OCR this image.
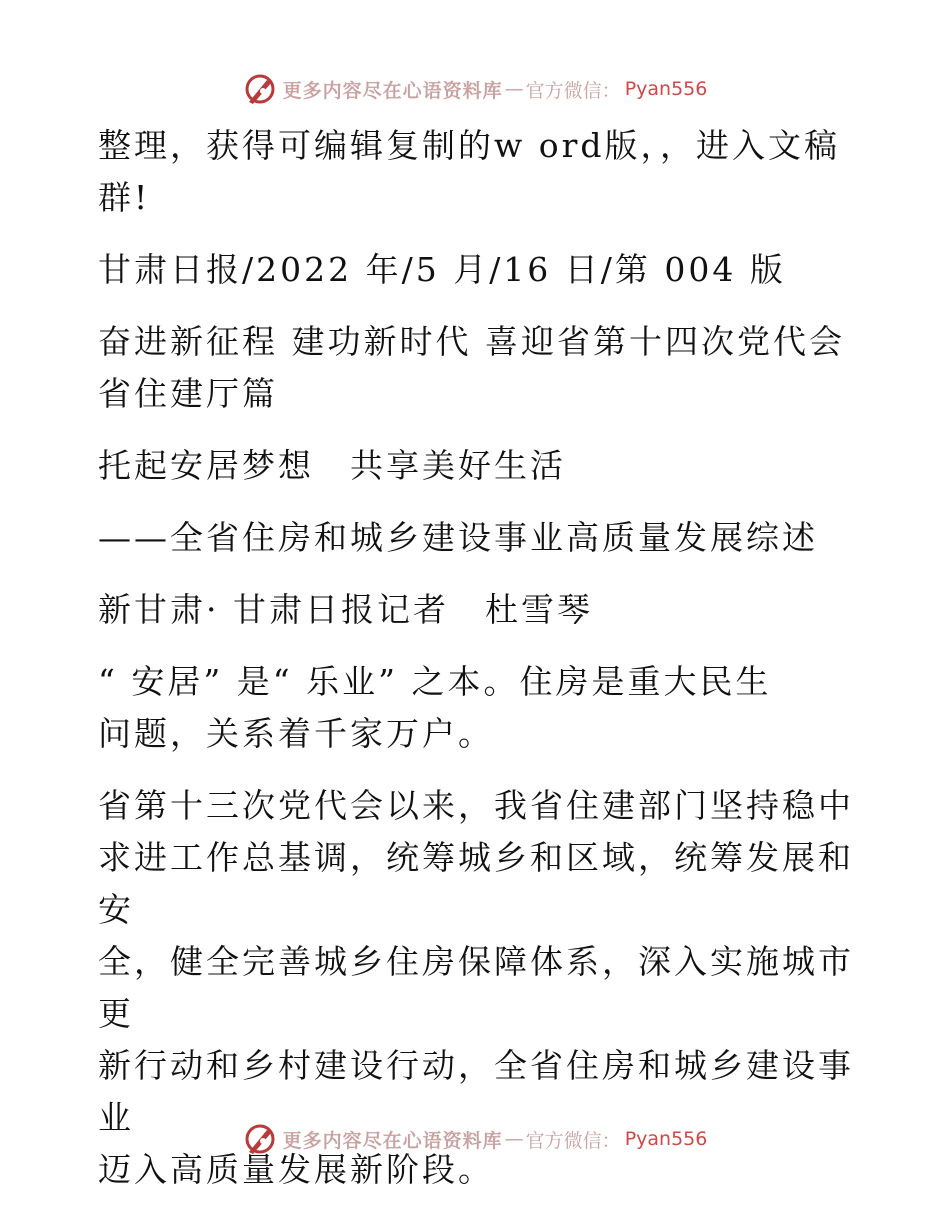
更多内容尽在心语资料库 — 官方微信： Pyan556
整理，获得可编辑复制的w ord版，，进入文稿
群!
甘肃日报/2022 年/5 月/16 日/第 004 版
奋进新征程 建功新时代 喜迎省第十四次党代会
省住建厅篇
托起安居梦想　共享美好生活
——全省住房和城乡建设事业高质量发展综述
新甘肃· 甘肃日报记者　杜雪琴
“ 安居” 是“ 乐业” 之本。住房是重大民生
问题，关系着千家万户。
省第十三次党代会以来，我省住建部门坚持稳中
求进工作总基调，统筹城乡和区域，统筹发展和安
全，健全完善城乡住房保障体系，深入实施城市更
新行动和乡村建设行动，全省住房和城乡建设事业
迈入高质量发展新阶段。
更多内容尽在心语资料库 — 官方微信： Pyan556
